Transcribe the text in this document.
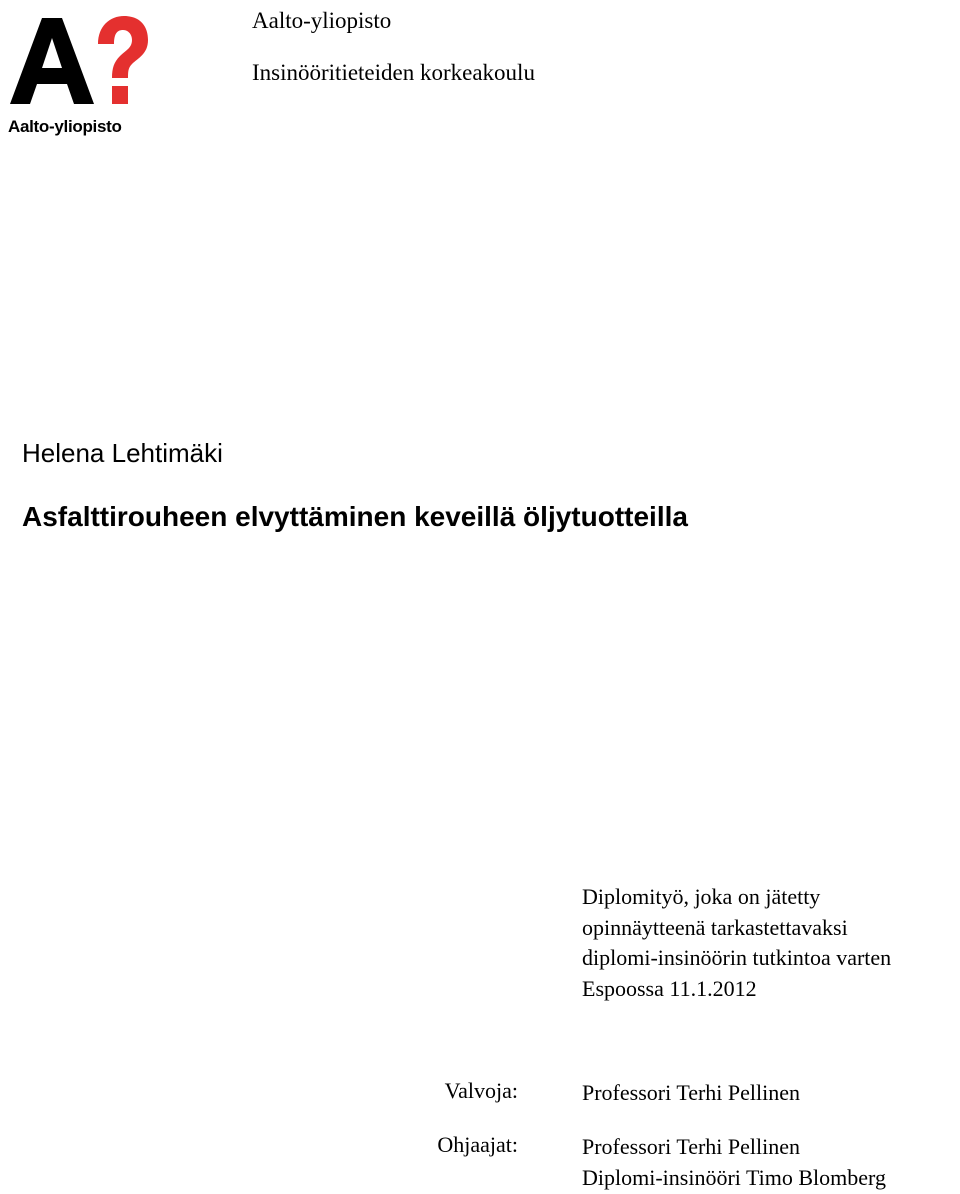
Aalto-yliopisto
Aalto-yliopisto
Insinööritieteiden korkeakoulu
Helena Lehtimäki
Asfalttirouheen elvyttäminen keveillä öljytuotteilla
Diplomityö, joka on jätetty
opinnäytteenä tarkastettavaksi
diplomi-insinöörin tutkintoa varten
Espoossa 11.1.2012
Valvoja:	Professori Terhi Pellinen
Ohjaajat:	Professori Terhi Pellinen
Diplomi-insinööri Timo Blomberg
